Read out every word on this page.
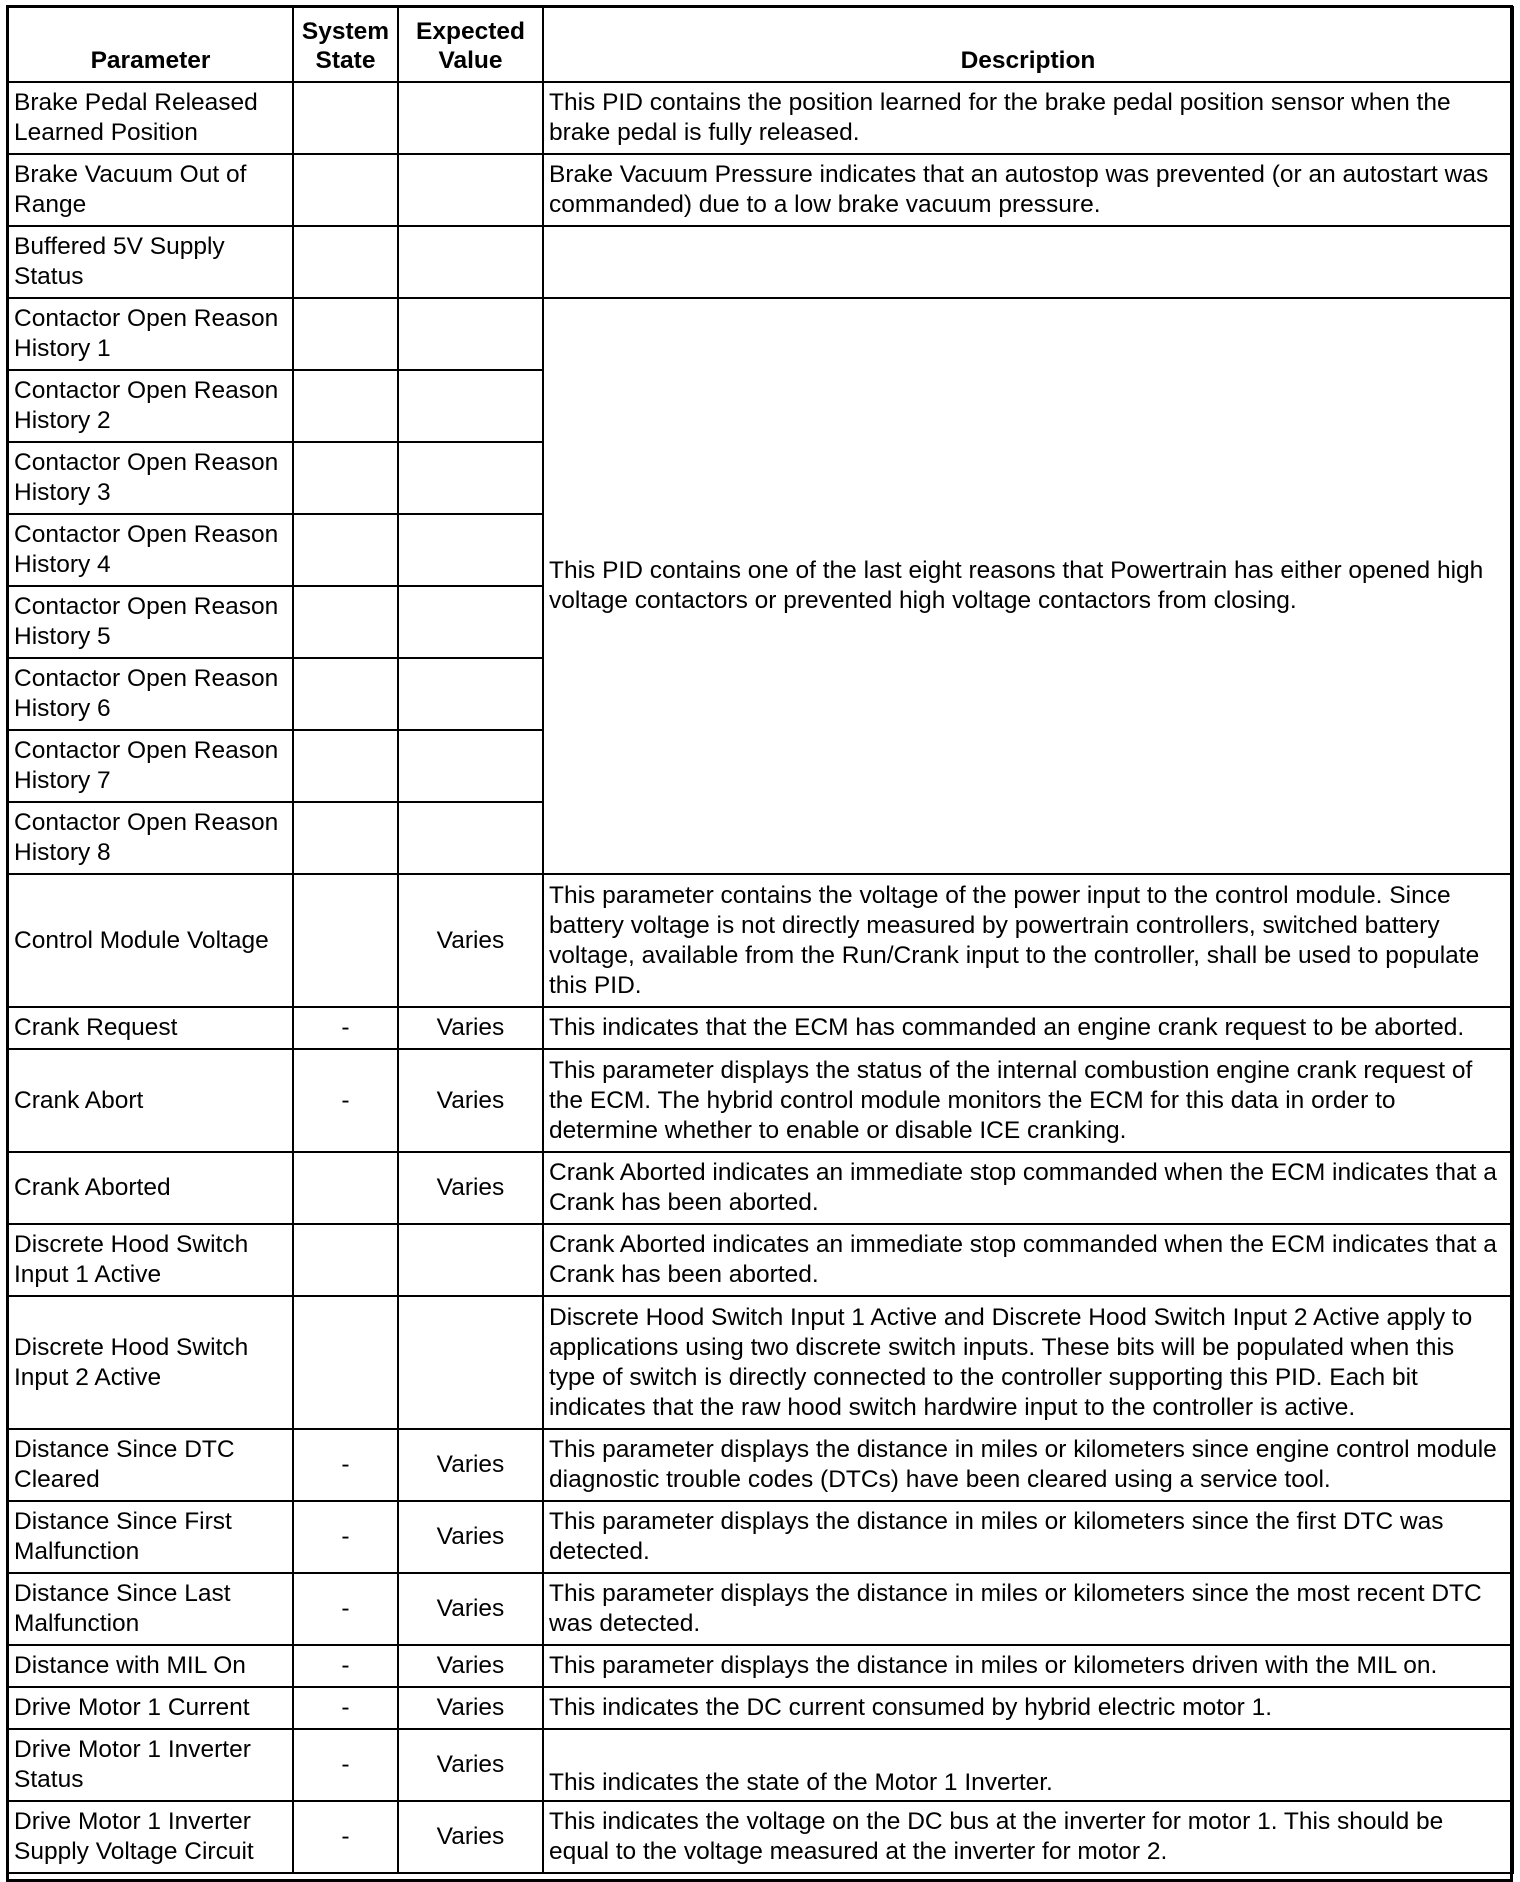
Parameter	System State	Expected Value	Description
Brake Pedal Released Learned Position			This PID contains the position learned for the brake pedal position sensor when the brake pedal is fully released.
Brake Vacuum Out of Range			Brake Vacuum Pressure indicates that an autostop was prevented (or an autostart was commanded) due to a low brake vacuum pressure.
Buffered 5V Supply Status			
Contactor Open Reason History 1			This PID contains one of the last eight reasons that Powertrain has either opened high voltage contactors or prevented high voltage contactors from closing.
Contactor Open Reason History 2			
Contactor Open Reason History 3			
Contactor Open Reason History 4			
Contactor Open Reason History 5			
Contactor Open Reason History 6			
Contactor Open Reason History 7			
Contactor Open Reason History 8			
Control Module Voltage		Varies	This parameter contains the voltage of the power input to the control module. Since battery voltage is not directly measured by powertrain controllers, switched battery voltage, available from the Run/Crank input to the controller, shall be used to populate this PID.
Crank Request	-	Varies	This indicates that the ECM has commanded an engine crank request to be aborted.
Crank Abort	-	Varies	This parameter displays the status of the internal combustion engine crank request of the ECM. The hybrid control module monitors the ECM for this data in order to determine whether to enable or disable ICE cranking.
Crank Aborted		Varies	Crank Aborted indicates an immediate stop commanded when the ECM indicates that a Crank has been aborted.
Discrete Hood Switch Input 1 Active			Crank Aborted indicates an immediate stop commanded when the ECM indicates that a Crank has been aborted.
Discrete Hood Switch Input 2 Active			Discrete Hood Switch Input 1 Active and Discrete Hood Switch Input 2 Active apply to applications using two discrete switch inputs. These bits will be populated when this type of switch is directly connected to the controller supporting this PID. Each bit indicates that the raw hood switch hardwire input to the controller is active.
Distance Since DTC Cleared	-	Varies	This parameter displays the distance in miles or kilometers since engine control module diagnostic trouble codes (DTCs) have been cleared using a service tool.
Distance Since First Malfunction	-	Varies	This parameter displays the distance in miles or kilometers since the first DTC was detected.
Distance Since Last Malfunction	-	Varies	This parameter displays the distance in miles or kilometers since the most recent DTC was detected.
Distance with MIL On	-	Varies	This parameter displays the distance in miles or kilometers driven with the MIL on.
Drive Motor 1 Current	-	Varies	This indicates the DC current consumed by hybrid electric motor 1.
Drive Motor 1 Inverter Status	-	Varies	This indicates the state of the Motor 1 Inverter.
Drive Motor 1 Inverter Supply Voltage Circuit	-	Varies	This indicates the voltage on the DC bus at the inverter for motor 1. This should be equal to the voltage measured at the inverter for motor 2.
